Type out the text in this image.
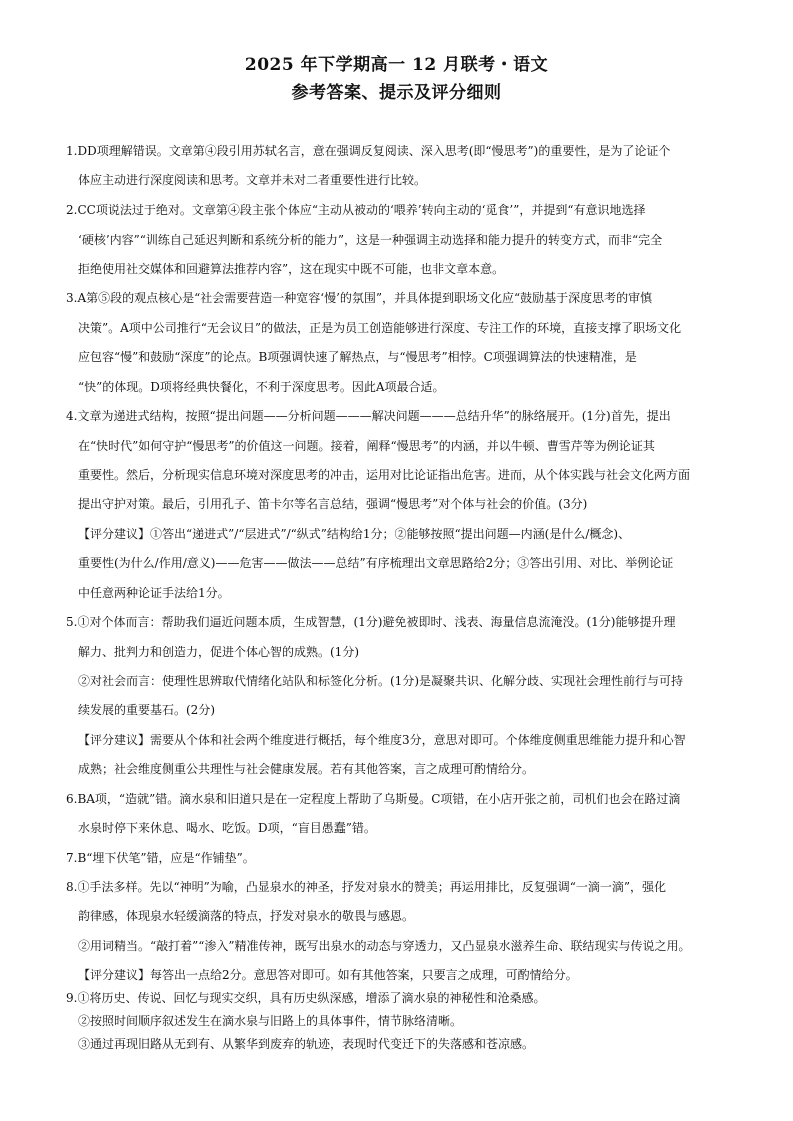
2025 年下学期高一 12 月联考・语文
参考答案、提示及评分细则
1.DD项理解错误。文章第④段引用苏轼名言，意在强调反复阅读、深入思考(即“慢思考”)的重要性，是为了论证个
体应主动进行深度阅读和思考。文章并未对二者重要性进行比较。
2.CC项说法过于绝对。文章第④段主张个体应“主动从被动的‘喂养’转向主动的‘觅食’”，并提到“有意识地选择
‘硬核’内容”“训练自己延迟判断和系统分析的能力”，这是一种强调主动选择和能力提升的转变方式，而非“完全
拒绝使用社交媒体和回避算法推荐内容”，这在现实中既不可能，也非文章本意。
3.A第⑤段的观点核心是“社会需要营造一种宽容‘慢’的氛围”，并具体提到职场文化应“鼓励基于深度思考的审慎
决策”。A项中公司推行“无会议日”的做法，正是为员工创造能够进行深度、专注工作的环境，直接支撑了职场文化
应包容“慢”和鼓励“深度”的论点。B项强调快速了解热点，与“慢思考”相悖。C项强调算法的快速精准，是
“快”的体现。D项将经典快餐化，不利于深度思考。因此A项最合适。
4.文章为递进式结构，按照“提出问题——分析问题———解决问题———总结升华”的脉络展开。(1分)首先，提出
在“快时代”如何守护“慢思考”的价值这一问题。接着，阐释“慢思考”的内涵，并以牛顿、曹雪芹等为例论证其
重要性。然后，分析现实信息环境对深度思考的冲击，运用对比论证指出危害。进而，从个体实践与社会文化两方面
提出守护对策。最后，引用孔子、笛卡尔等名言总结，强调“慢思考”对个体与社会的价值。(3分)
【评分建议】①答出“递进式”/“层进式”/“纵式”结构给1分；②能够按照“提出问题—内涵(是什么/概念)、
重要性(为什么/作用/意义)——危害——做法——总结”有序梳理出文章思路给2分；③答出引用、对比、举例论证
中任意两种论证手法给1分。
5.①对个体而言：帮助我们逼近问题本质，生成智慧，(1分)避免被即时、浅表、海量信息流淹没。(1分)能够提升理
解力、批判力和创造力，促进个体心智的成熟。(1分)
②对社会而言：使理性思辨取代情绪化站队和标签化分析。(1分)是凝聚共识、化解分歧、实现社会理性前行与可持
续发展的重要基石。(2分)
【评分建议】需要从个体和社会两个维度进行概括，每个维度3分，意思对即可。个体维度侧重思维能力提升和心智
成熟；社会维度侧重公共理性与社会健康发展。若有其他答案，言之成理可酌情给分。
6.BA项，“造就”错。滴水泉和旧道只是在一定程度上帮助了乌斯曼。C项错，在小店开张之前，司机们也会在路过滴
水泉时停下来休息、喝水、吃饭。D项，“盲目愚蠢”错。
7.B“埋下伏笔”错，应是“作铺垫”。
8.①手法多样。先以“神明”为喻，凸显泉水的神圣，抒发对泉水的赞美；再运用排比，反复强调“一滴一滴”，强化
韵律感，体现泉水轻缓滴落的特点，抒发对泉水的敬畏与感恩。
②用词精当。“敲打着”“渗入”精准传神，既写出泉水的动态与穿透力，又凸显泉水滋养生命、联结现实与传说之用。
【评分建议】每答出一点给2分。意思答对即可。如有其他答案，只要言之成理，可酌情给分。
9.①将历史、传说、回忆与现实交织，具有历史纵深感，增添了滴水泉的神秘性和沧桑感。
②按照时间顺序叙述发生在滴水泉与旧路上的具体事件，情节脉络清晰。
③通过再现旧路从无到有、从繁华到废弃的轨迹，表现时代变迁下的失落感和苍凉感。
